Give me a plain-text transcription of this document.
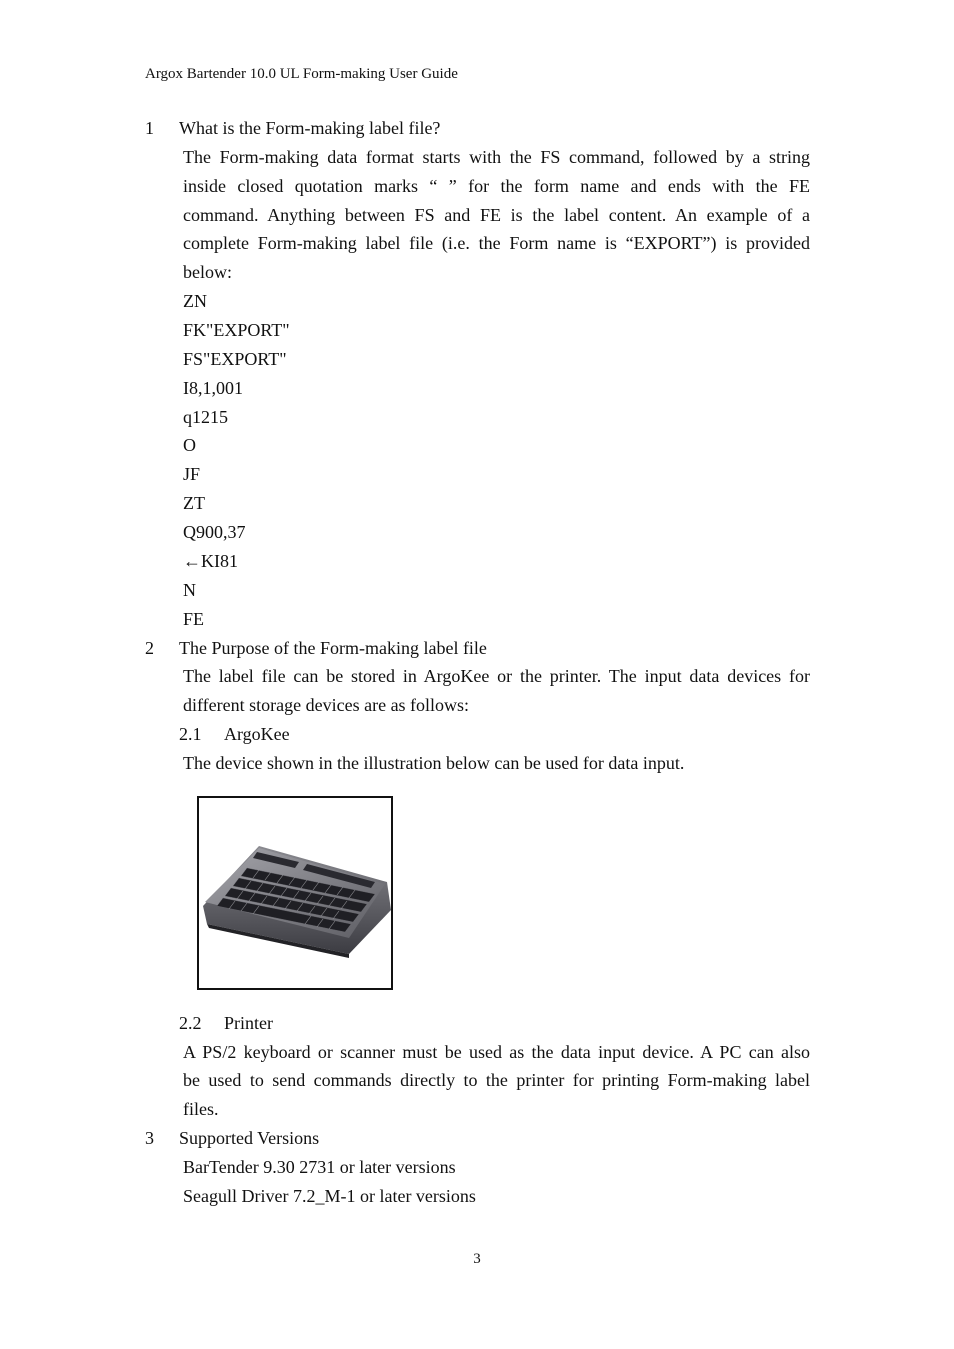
Argox Bartender 10.0 UL Form-making User Guide
1 What is the Form-making label file?
The Form-making data format starts with the FS command, followed by a string
inside closed quotation marks “ ” for the form name and ends with the FE
command. Anything between FS and FE is the label content. An example of a
complete Form-making label file (i.e. the Form name is “EXPORT”) is provided
below:
ZN
FK"EXPORT"
FS"EXPORT"
I8,1,001
q1215
O
JF
ZT
Q900,37
←KI81
N
FE
2 The Purpose of the Form-making label file
The label file can be stored in ArgoKee or the printer. The input data devices for
different storage devices are as follows:
2.1 ArgoKee
The device shown in the illustration below can be used for data input.
2.2 Printer
A PS/2 keyboard or scanner must be used as the data input device. A PC can also
be used to send commands directly to the printer for printing Form-making label
files.
3 Supported Versions
BarTender 9.30 2731 or later versions
Seagull Driver 7.2_M-1 or later versions
3
